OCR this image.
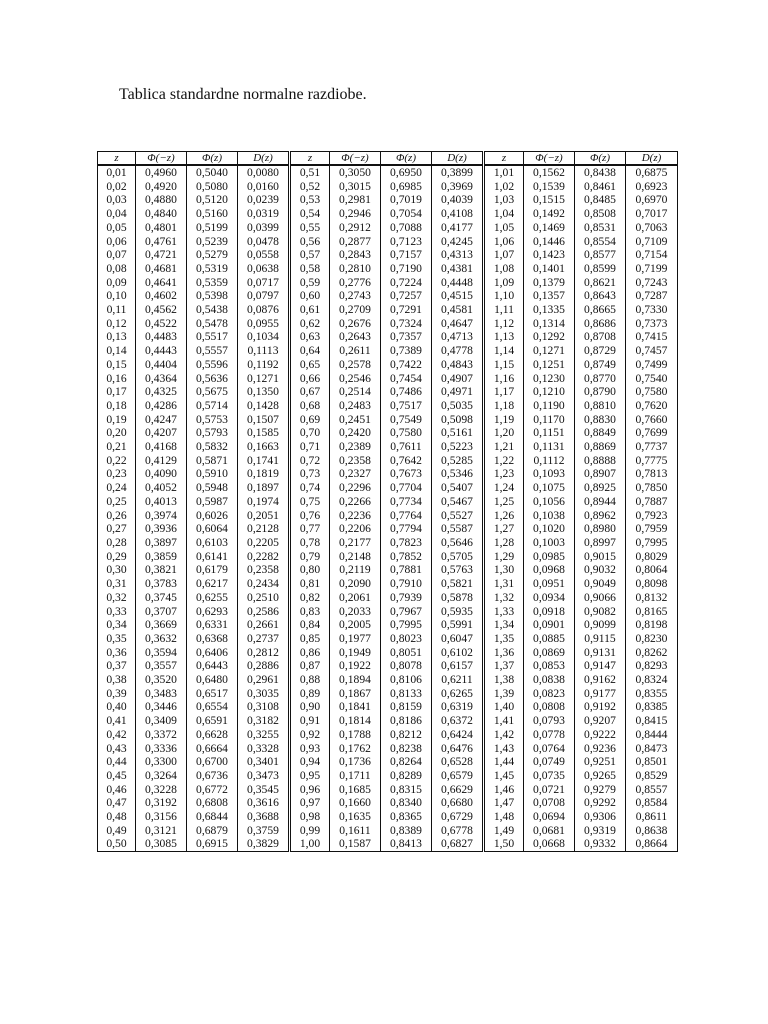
Tablica standardne normalne razdiobe.
z	Φ(−z)	Φ(z)	D(z)	z	Φ(−z)	Φ(z)	D(z)	z	Φ(−z)	Φ(z)	D(z)
0,01	0,4960	0,5040	0,0080	0,51	0,3050	0,6950	0,3899	1,01	0,1562	0,8438	0,6875
0,02	0,4920	0,5080	0,0160	0,52	0,3015	0,6985	0,3969	1,02	0,1539	0,8461	0,6923
0,03	0,4880	0,5120	0,0239	0,53	0,2981	0,7019	0,4039	1,03	0,1515	0,8485	0,6970
0,04	0,4840	0,5160	0,0319	0,54	0,2946	0,7054	0,4108	1,04	0,1492	0,8508	0,7017
0,05	0,4801	0,5199	0,0399	0,55	0,2912	0,7088	0,4177	1,05	0,1469	0,8531	0,7063
0,06	0,4761	0,5239	0,0478	0,56	0,2877	0,7123	0,4245	1,06	0,1446	0,8554	0,7109
0,07	0,4721	0,5279	0,0558	0,57	0,2843	0,7157	0,4313	1,07	0,1423	0,8577	0,7154
0,08	0,4681	0,5319	0,0638	0,58	0,2810	0,7190	0,4381	1,08	0,1401	0,8599	0,7199
0,09	0,4641	0,5359	0,0717	0,59	0,2776	0,7224	0,4448	1,09	0,1379	0,8621	0,7243
0,10	0,4602	0,5398	0,0797	0,60	0,2743	0,7257	0,4515	1,10	0,1357	0,8643	0,7287
0,11	0,4562	0,5438	0,0876	0,61	0,2709	0,7291	0,4581	1,11	0,1335	0,8665	0,7330
0,12	0,4522	0,5478	0,0955	0,62	0,2676	0,7324	0,4647	1,12	0,1314	0,8686	0,7373
0,13	0,4483	0,5517	0,1034	0,63	0,2643	0,7357	0,4713	1,13	0,1292	0,8708	0,7415
0,14	0,4443	0,5557	0,1113	0,64	0,2611	0,7389	0,4778	1,14	0,1271	0,8729	0,7457
0,15	0,4404	0,5596	0,1192	0,65	0,2578	0,7422	0,4843	1,15	0,1251	0,8749	0,7499
0,16	0,4364	0,5636	0,1271	0,66	0,2546	0,7454	0,4907	1,16	0,1230	0,8770	0,7540
0,17	0,4325	0,5675	0,1350	0,67	0,2514	0,7486	0,4971	1,17	0,1210	0,8790	0,7580
0,18	0,4286	0,5714	0,1428	0,68	0,2483	0,7517	0,5035	1,18	0,1190	0,8810	0,7620
0,19	0,4247	0,5753	0,1507	0,69	0,2451	0,7549	0,5098	1,19	0,1170	0,8830	0,7660
0,20	0,4207	0,5793	0,1585	0,70	0,2420	0,7580	0,5161	1,20	0,1151	0,8849	0,7699
0,21	0,4168	0,5832	0,1663	0,71	0,2389	0,7611	0,5223	1,21	0,1131	0,8869	0,7737
0,22	0,4129	0,5871	0,1741	0,72	0,2358	0,7642	0,5285	1,22	0,1112	0,8888	0,7775
0,23	0,4090	0,5910	0,1819	0,73	0,2327	0,7673	0,5346	1,23	0,1093	0,8907	0,7813
0,24	0,4052	0,5948	0,1897	0,74	0,2296	0,7704	0,5407	1,24	0,1075	0,8925	0,7850
0,25	0,4013	0,5987	0,1974	0,75	0,2266	0,7734	0,5467	1,25	0,1056	0,8944	0,7887
0,26	0,3974	0,6026	0,2051	0,76	0,2236	0,7764	0,5527	1,26	0,1038	0,8962	0,7923
0,27	0,3936	0,6064	0,2128	0,77	0,2206	0,7794	0,5587	1,27	0,1020	0,8980	0,7959
0,28	0,3897	0,6103	0,2205	0,78	0,2177	0,7823	0,5646	1,28	0,1003	0,8997	0,7995
0,29	0,3859	0,6141	0,2282	0,79	0,2148	0,7852	0,5705	1,29	0,0985	0,9015	0,8029
0,30	0,3821	0,6179	0,2358	0,80	0,2119	0,7881	0,5763	1,30	0,0968	0,9032	0,8064
0,31	0,3783	0,6217	0,2434	0,81	0,2090	0,7910	0,5821	1,31	0,0951	0,9049	0,8098
0,32	0,3745	0,6255	0,2510	0,82	0,2061	0,7939	0,5878	1,32	0,0934	0,9066	0,8132
0,33	0,3707	0,6293	0,2586	0,83	0,2033	0,7967	0,5935	1,33	0,0918	0,9082	0,8165
0,34	0,3669	0,6331	0,2661	0,84	0,2005	0,7995	0,5991	1,34	0,0901	0,9099	0,8198
0,35	0,3632	0,6368	0,2737	0,85	0,1977	0,8023	0,6047	1,35	0,0885	0,9115	0,8230
0,36	0,3594	0,6406	0,2812	0,86	0,1949	0,8051	0,6102	1,36	0,0869	0,9131	0,8262
0,37	0,3557	0,6443	0,2886	0,87	0,1922	0,8078	0,6157	1,37	0,0853	0,9147	0,8293
0,38	0,3520	0,6480	0,2961	0,88	0,1894	0,8106	0,6211	1,38	0,0838	0,9162	0,8324
0,39	0,3483	0,6517	0,3035	0,89	0,1867	0,8133	0,6265	1,39	0,0823	0,9177	0,8355
0,40	0,3446	0,6554	0,3108	0,90	0,1841	0,8159	0,6319	1,40	0,0808	0,9192	0,8385
0,41	0,3409	0,6591	0,3182	0,91	0,1814	0,8186	0,6372	1,41	0,0793	0,9207	0,8415
0,42	0,3372	0,6628	0,3255	0,92	0,1788	0,8212	0,6424	1,42	0,0778	0,9222	0,8444
0,43	0,3336	0,6664	0,3328	0,93	0,1762	0,8238	0,6476	1,43	0,0764	0,9236	0,8473
0,44	0,3300	0,6700	0,3401	0,94	0,1736	0,8264	0,6528	1,44	0,0749	0,9251	0,8501
0,45	0,3264	0,6736	0,3473	0,95	0,1711	0,8289	0,6579	1,45	0,0735	0,9265	0,8529
0,46	0,3228	0,6772	0,3545	0,96	0,1685	0,8315	0,6629	1,46	0,0721	0,9279	0,8557
0,47	0,3192	0,6808	0,3616	0,97	0,1660	0,8340	0,6680	1,47	0,0708	0,9292	0,8584
0,48	0,3156	0,6844	0,3688	0,98	0,1635	0,8365	0,6729	1,48	0,0694	0,9306	0,8611
0,49	0,3121	0,6879	0,3759	0,99	0,1611	0,8389	0,6778	1,49	0,0681	0,9319	0,8638
0,50	0,3085	0,6915	0,3829	1,00	0,1587	0,8413	0,6827	1,50	0,0668	0,9332	0,8664
